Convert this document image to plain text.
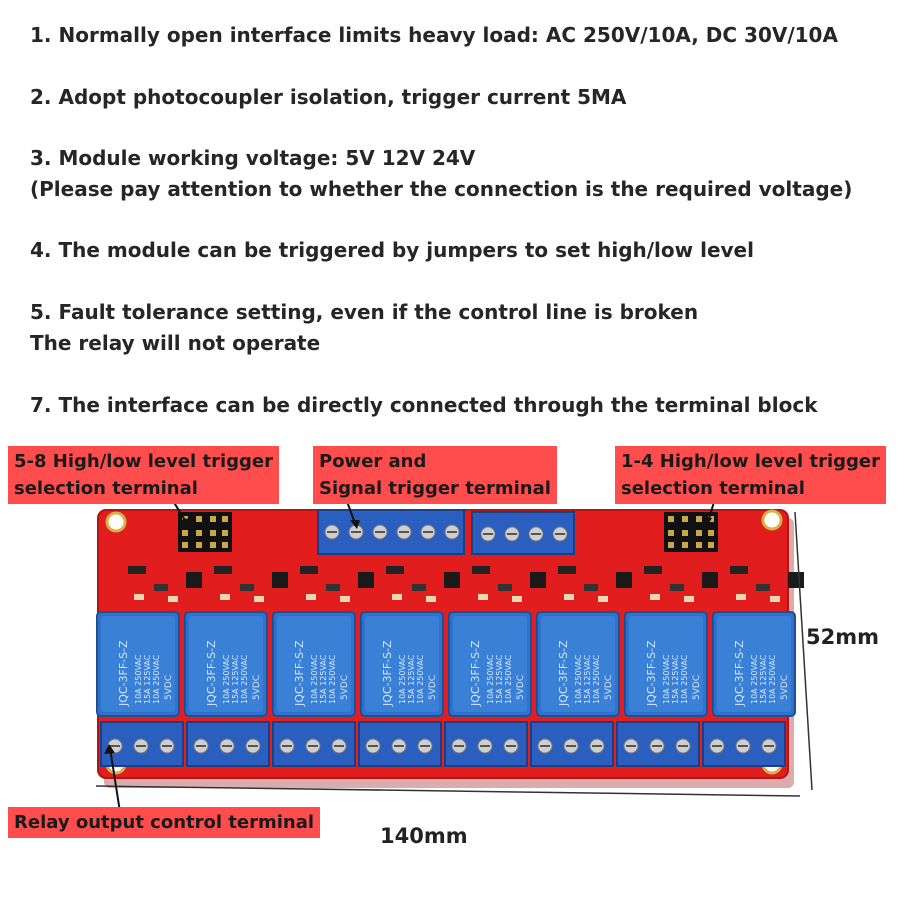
1. Normally open interface limits heavy load: AC 250V/10A, DC 30V/10A
2. Adopt photocoupler isolation, trigger current 5MA
3. Module working voltage: 5V 12V 24V
(Please pay attention to whether the connection is the required voltage)
4. The module can be triggered by jumpers to set high/low level
5. Fault tolerance setting, even if the control line is broken
The relay will not operate
7. The interface can be directly connected through the terminal block
JQC-3FF-S-Z 10A 250VAC 15A 125VAC 10A 250VAC 5VDC	JQC-3FF-S-Z 10A 250VAC 15A 125VAC 10A 250VAC 5VDC	JQC-3FF-S-Z 10A 250VAC 15A 125VAC 10A 250VAC 5VDC	JQC-3FF-S-Z 10A 250VAC 15A 125VAC 10A 250VAC 5VDC	JQC-3FF-S-Z 10A 250VAC 15A 125VAC 10A 250VAC 5VDC	JQC-3FF-S-Z 10A 250VAC 15A 125VAC 10A 250VAC 5VDC	JQC-3FF-S-Z 10A 250VAC 15A 125VAC 10A 250VAC 5VDC	JQC-3FF-S-Z 10A 250VAC 15A 125VAC 10A 250VAC 5VDC
5-8 High/low level trigger
selection terminal
Power and
Signal trigger terminal
1-4 High/low level trigger
selection terminal
Relay output control terminal
52mm
140mm
